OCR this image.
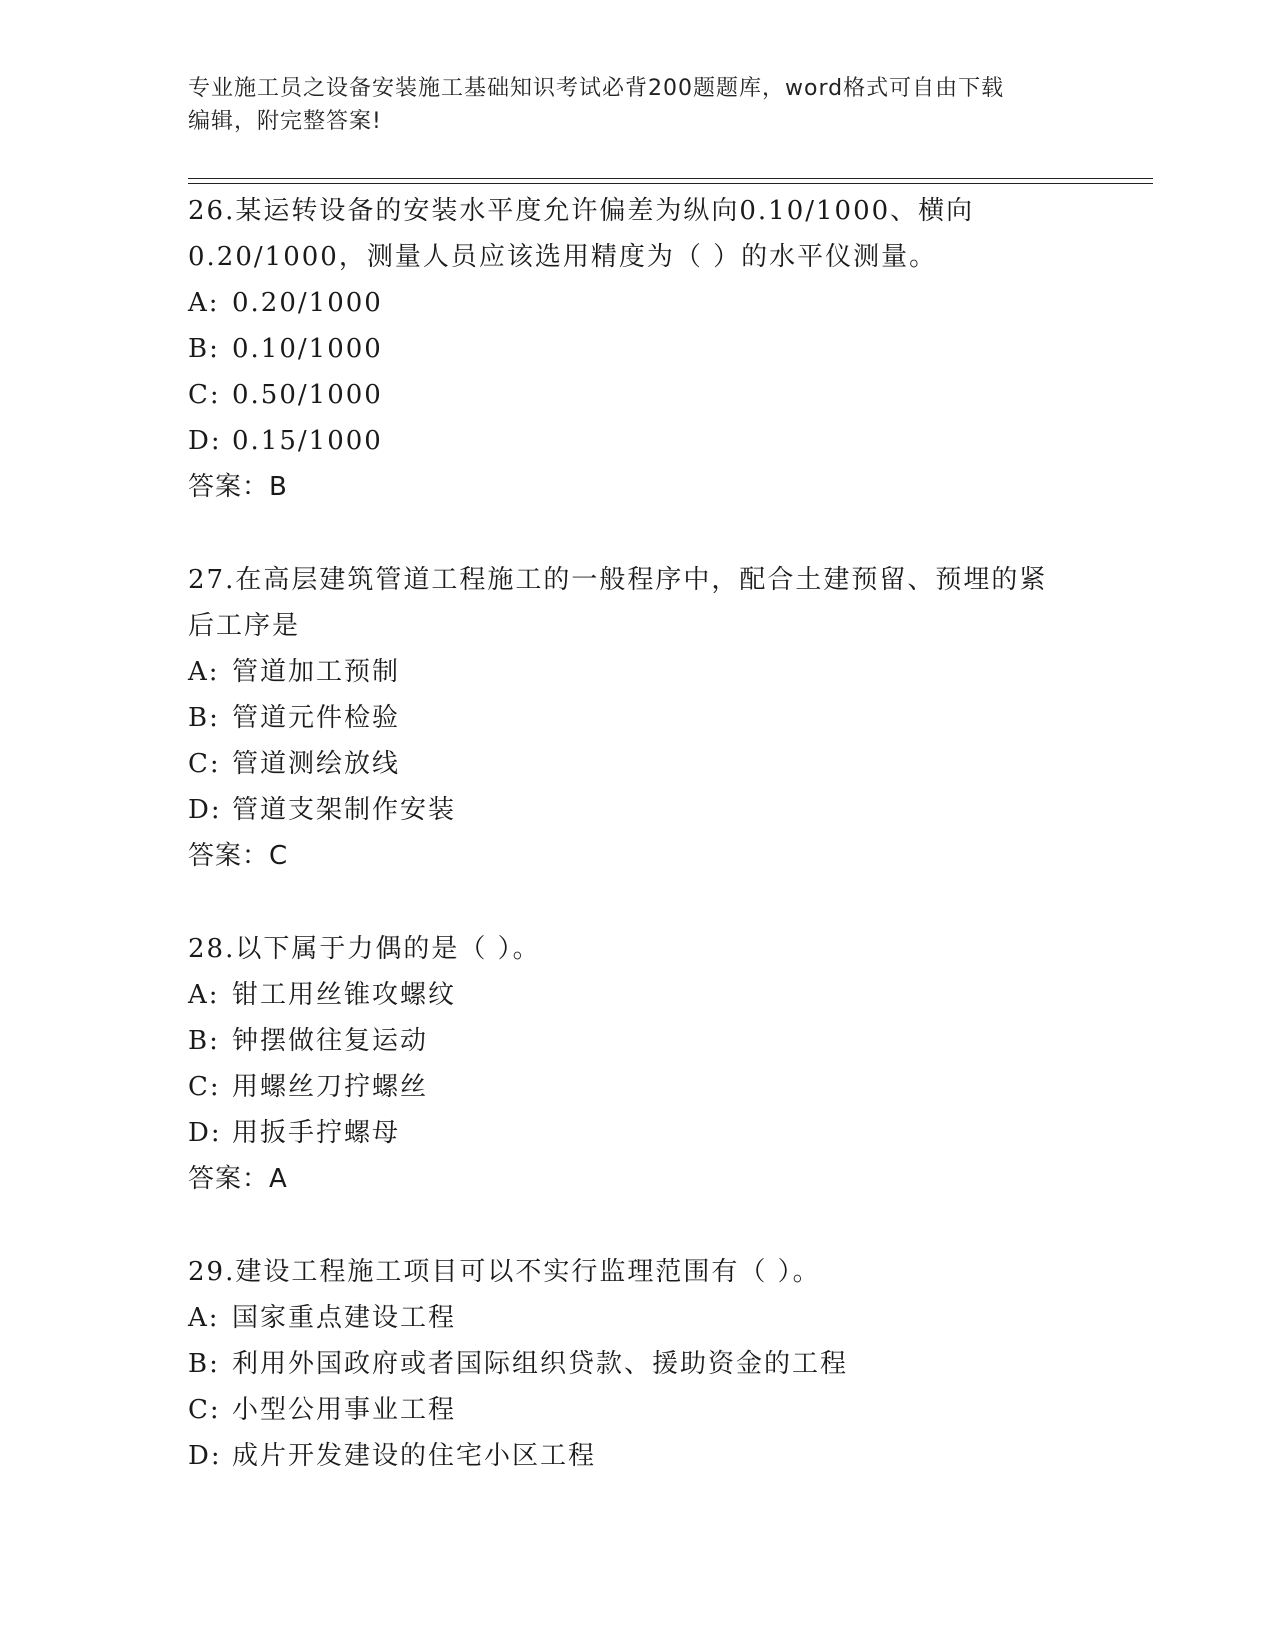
专业施工员之设备安装施工基础知识考试必背200题题库，word格式可自由下载
编辑，附完整答案!
26.某运转设备的安装水平度允许偏差为纵向0.10/1000、横向
0.20/1000，测量人员应该选用精度为（ ）的水平仪测量。
A: 0.20/1000
B: 0.10/1000
C: 0.50/1000
D: 0.15/1000
答案：B
27.在高层建筑管道工程施工的一般程序中，配合土建预留、预埋的紧
后工序是
A: 管道加工预制
B: 管道元件检验
C: 管道测绘放线
D: 管道支架制作安装
答案：C
28.以下属于力偶的是（ ）。
A: 钳工用丝锥攻螺纹
B: 钟摆做往复运动
C: 用螺丝刀拧螺丝
D: 用扳手拧螺母
答案：A
29.建设工程施工项目可以不实行监理范围有（ ）。
A: 国家重点建设工程
B: 利用外国政府或者国际组织贷款、援助资金的工程
C: 小型公用事业工程
D: 成片开发建设的住宅小区工程
